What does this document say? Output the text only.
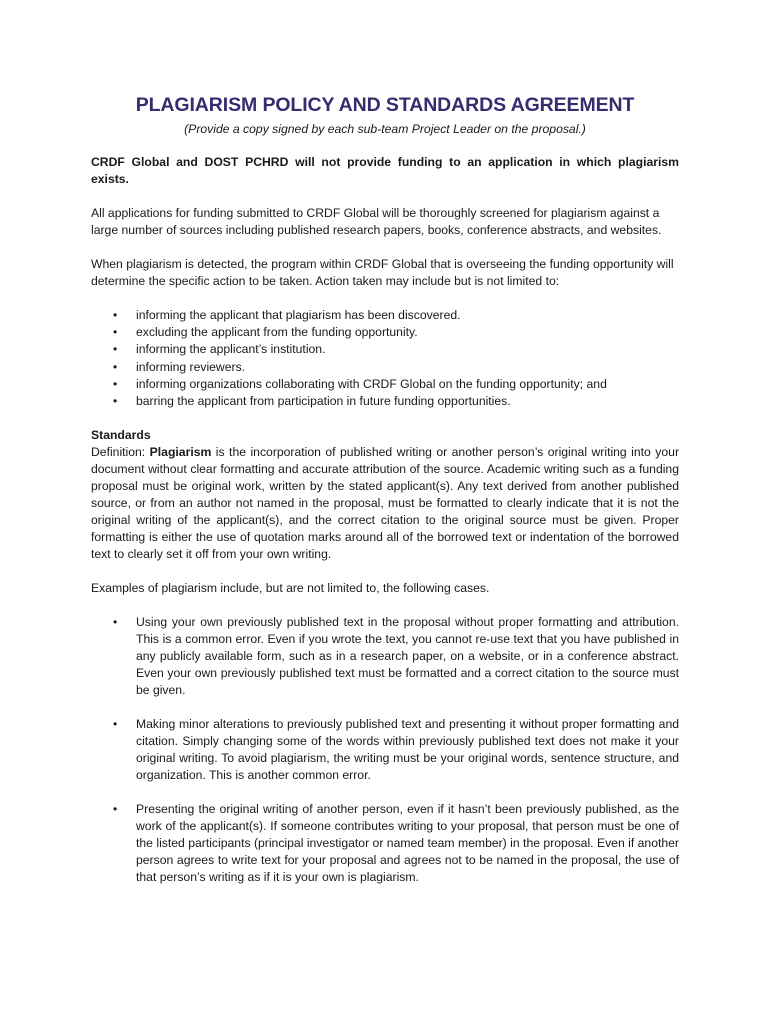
PLAGIARISM POLICY AND STANDARDS AGREEMENT
(Provide a copy signed by each sub-team Project Leader on the proposal.)

CRDF Global and DOST PCHRD will not provide funding to an application in which plagiarism exists.

All applications for funding submitted to CRDF Global will be thoroughly screened for plagiarism against a large number of sources including published research papers, books, conference abstracts, and websites.

When plagiarism is detected, the program within CRDF Global that is overseeing the funding opportunity will determine the specific action to be taken. Action taken may include but is not limited to:

• informing the applicant that plagiarism has been discovered.
• excluding the applicant from the funding opportunity.
• informing the applicant’s institution.
• informing reviewers.
• informing organizations collaborating with CRDF Global on the funding opportunity; and
• barring the applicant from participation in future funding opportunities.
Standards

Definition: Plagiarism is the incorporation of published writing or another person’s original writing into your document without clear formatting and accurate attribution of the source. Academic writing such as a funding proposal must be original work, written by the stated applicant(s). Any text derived from another published source, or from an author not named in the proposal, must be formatted to clearly indicate that it is not the original writing of the applicant(s), and the correct citation to the original source must be given. Proper formatting is either the use of quotation marks around all of the borrowed text or indentation of the borrowed text to clearly set it off from your own writing.

Examples of plagiarism include, but are not limited to, the following cases.

• Using your own previously published text in the proposal without proper formatting and attribution. This is a common error. Even if you wrote the text, you cannot re-use text that you have published in any publicly available form, such as in a research paper, on a website, or in a conference abstract. Even your own previously published text must be formatted and a correct citation to the source must be given.
• Making minor alterations to previously published text and presenting it without proper formatting and citation. Simply changing some of the words within previously published text does not make it your original writing. To avoid plagiarism, the writing must be your original words, sentence structure, and organization. This is another common error.
• Presenting the original writing of another person, even if it hasn’t been previously published, as the work of the applicant(s). If someone contributes writing to your proposal, that person must be one of the listed participants (principal investigator or named team member) in the proposal. Even if another person agrees to write text for your proposal and agrees not to be named in the proposal, the use of that person’s writing as if it is your own is plagiarism.
